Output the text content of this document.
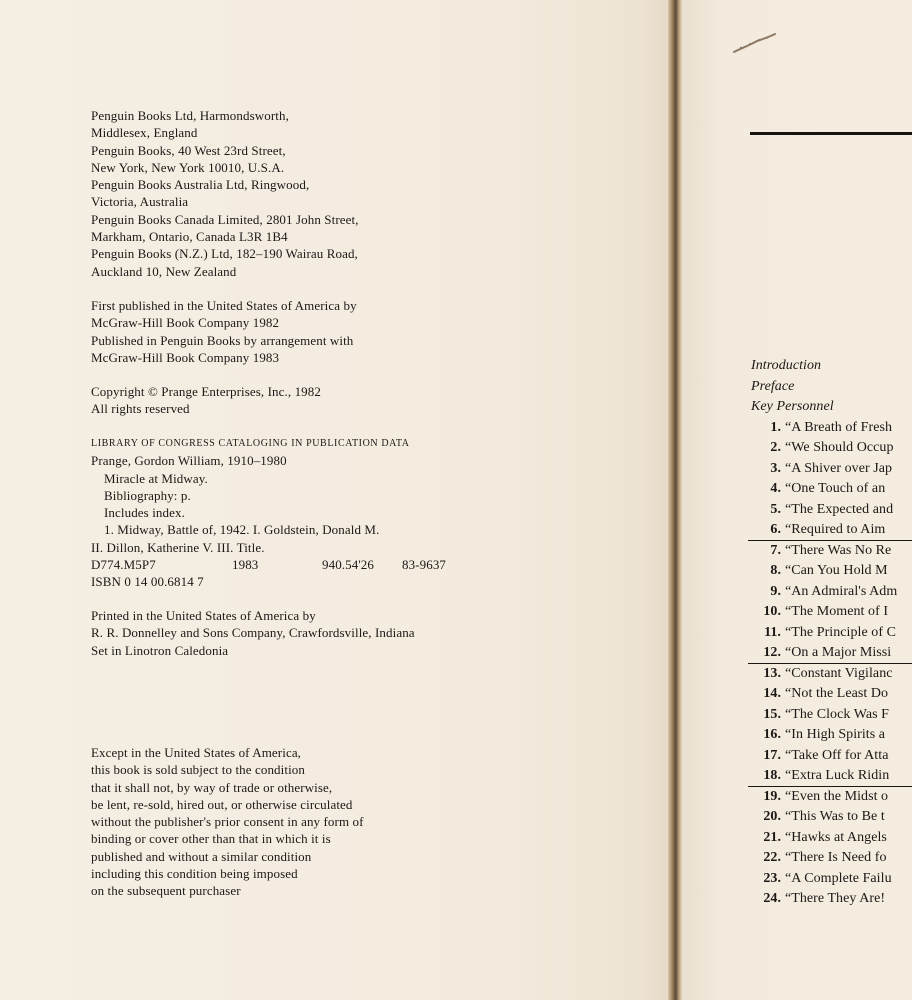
Penguin Books Ltd, Harmondsworth,
Middlesex, England
Penguin Books, 40 West 23rd Street,
New York, New York 10010, U.S.A.
Penguin Books Australia Ltd, Ringwood,
Victoria, Australia
Penguin Books Canada Limited, 2801 John Street,
Markham, Ontario, Canada L3R 1B4
Penguin Books (N.Z.) Ltd, 182–190 Wairau Road,
Auckland 10, New Zealand
First published in the United States of America by
McGraw-Hill Book Company 1982
Published in Penguin Books by arrangement with
McGraw-Hill Book Company 1983
Copyright © Prange Enterprises, Inc., 1982
All rights reserved
LIBRARY OF CONGRESS CATALOGING IN PUBLICATION DATA
Prange, Gordon William, 1910–1980
Miracle at Midway.
Bibliography: p.
Includes index.
1. Midway, Battle of, 1942. I. Goldstein, Donald M.
II. Dillon, Katherine V. III. Title.
D774.M5P7	1983	940.54'26	83-9637
ISBN 0 14 00.6814 7
Printed in the United States of America by
R. R. Donnelley and Sons Company, Crawfordsville, Indiana
Set in Linotron Caledonia
Except in the United States of America,
this book is sold subject to the condition
that it shall not, by way of trade or otherwise,
be lent, re-sold, hired out, or otherwise circulated
without the publisher's prior consent in any form of
binding or cover other than that in which it is
published and without a similar condition
including this condition being imposed
on the subsequent purchaser
Introduction
Preface
Key Personnel
1. “A Breath of Fresh
2. “We Should Occup
3. “A Shiver over Jap
4. “One Touch of an
5. “The Expected and
6. “Required to Aim
7. “There Was No Re
8. “Can You Hold M
9. “An Admiral's Adm
10. “The Moment of I
11. “The Principle of C
12. “On a Major Missi
13. “Constant Vigilanc
14. “Not the Least Do
15. “The Clock Was F
16. “In High Spirits a
17. “Take Off for Atta
18. “Extra Luck Ridin
19. “Even the Midst o
20. “This Was to Be t
21. “Hawks at Angels
22. “There Is Need fo
23. “A Complete Failu
24. “There They Are!
